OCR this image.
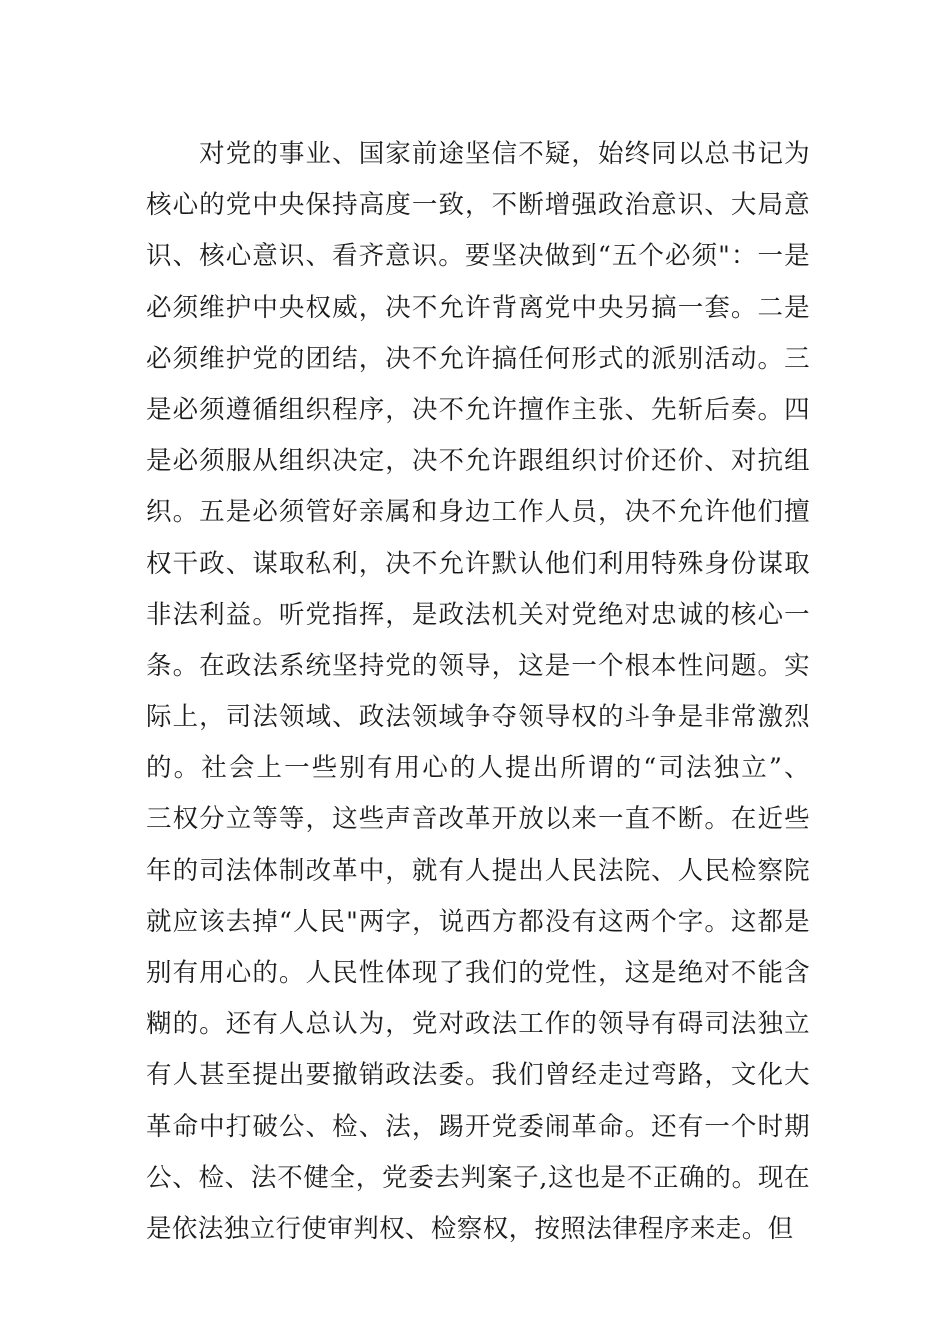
　　对党的事业、国家前途坚信不疑，始终同以总书记为
核心的党中央保持高度一致，不断增强政治意识、大局意
识、核心意识、看齐意识。要坚决做到“五个必须"：一是
必须维护中央权威，决不允许背离党中央另搞一套。二是
必须维护党的团结，决不允许搞任何形式的派别活动。三
是必须遵循组织程序，决不允许擅作主张、先斩后奏。四
是必须服从组织决定，决不允许跟组织讨价还价、对抗组
织。五是必须管好亲属和身边工作人员，决不允许他们擅
权干政、谋取私利，决不允许默认他们利用特殊身份谋取
非法利益。听党指挥，是政法机关对党绝对忠诚的核心一
条。在政法系统坚持党的领导，这是一个根本性问题。实
际上，司法领域、政法领域争夺领导权的斗争是非常激烈
的。社会上一些别有用心的人提出所谓的“司法独立”、
三权分立等等，这些声音改革开放以来一直不断。在近些
年的司法体制改革中，就有人提出人民法院、人民检察院
就应该去掉“人民"两字，说西方都没有这两个字。这都是
别有用心的。人民性体现了我们的党性，这是绝对不能含
糊的。还有人总认为，党对政法工作的领导有碍司法独立
有人甚至提出要撤销政法委。我们曾经走过弯路，文化大
革命中打破公、检、法，踢开党委闹革命。还有一个时期
公、检、法不健全，党委去判案子,这也是不正确的。现在
是依法独立行使审判权、检察权，按照法律程序来走。但
